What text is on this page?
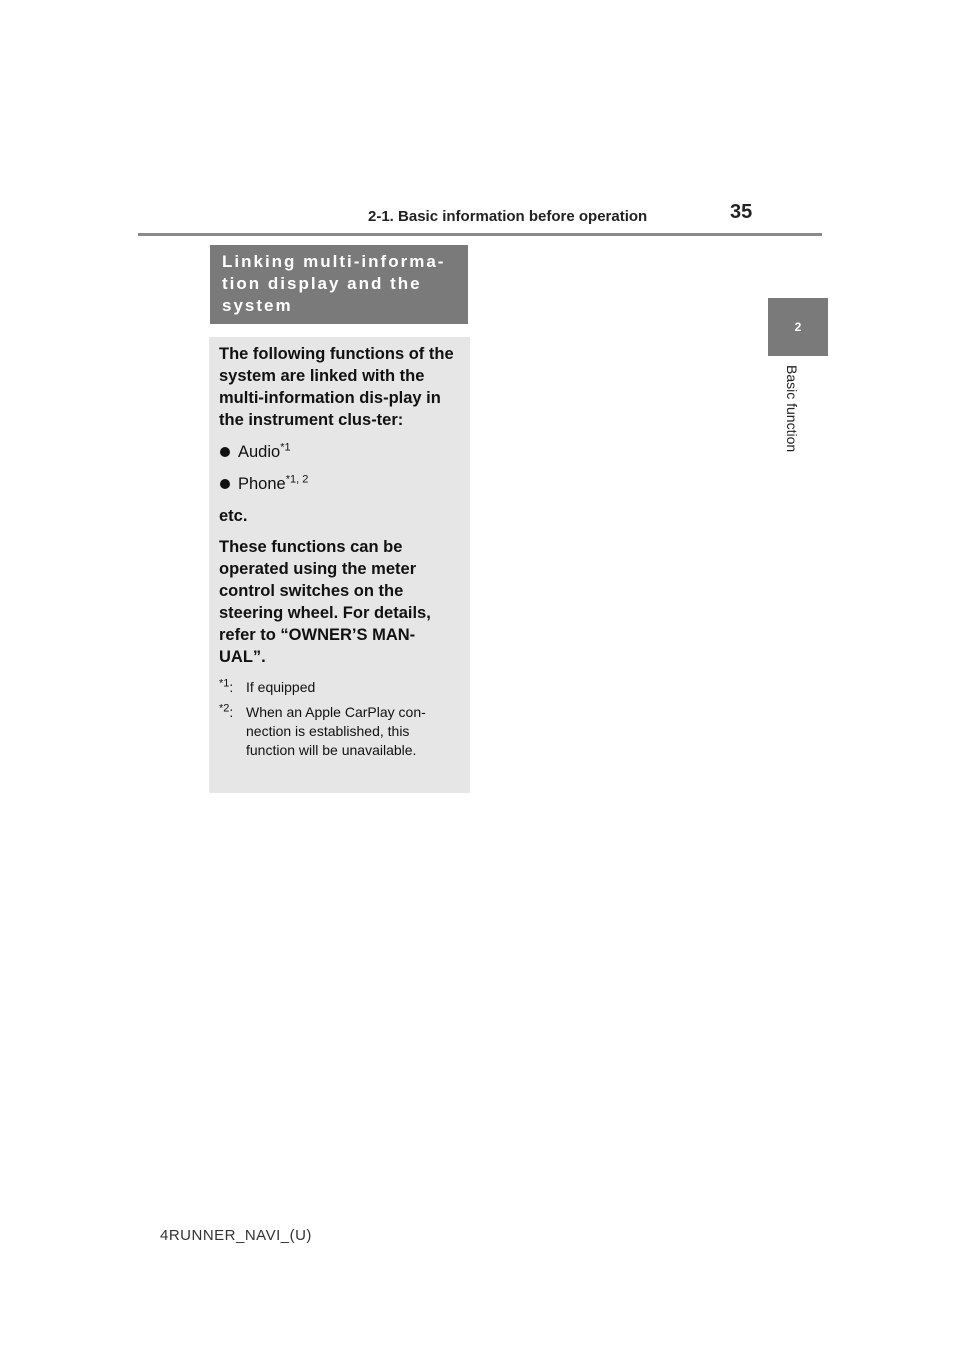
2-1. Basic information before operation	35
2
Basic function
Linking multi-informa-tion display and the system

The following functions of the system are linked with the multi-information dis-play in the instrument clus-ter:

Audio$^{*1}$

Phone$^{*1, 2}$

etc.

These functions can be operated using the meter control switches on the steering wheel. For details, refer to “OWNER’S MAN-UAL”.

$^{*1}$: If equipped

$^{*2}$: When an Apple CarPlay con-nection is established, this function will be unavailable.

4RUNNER_NAVI_(U)
